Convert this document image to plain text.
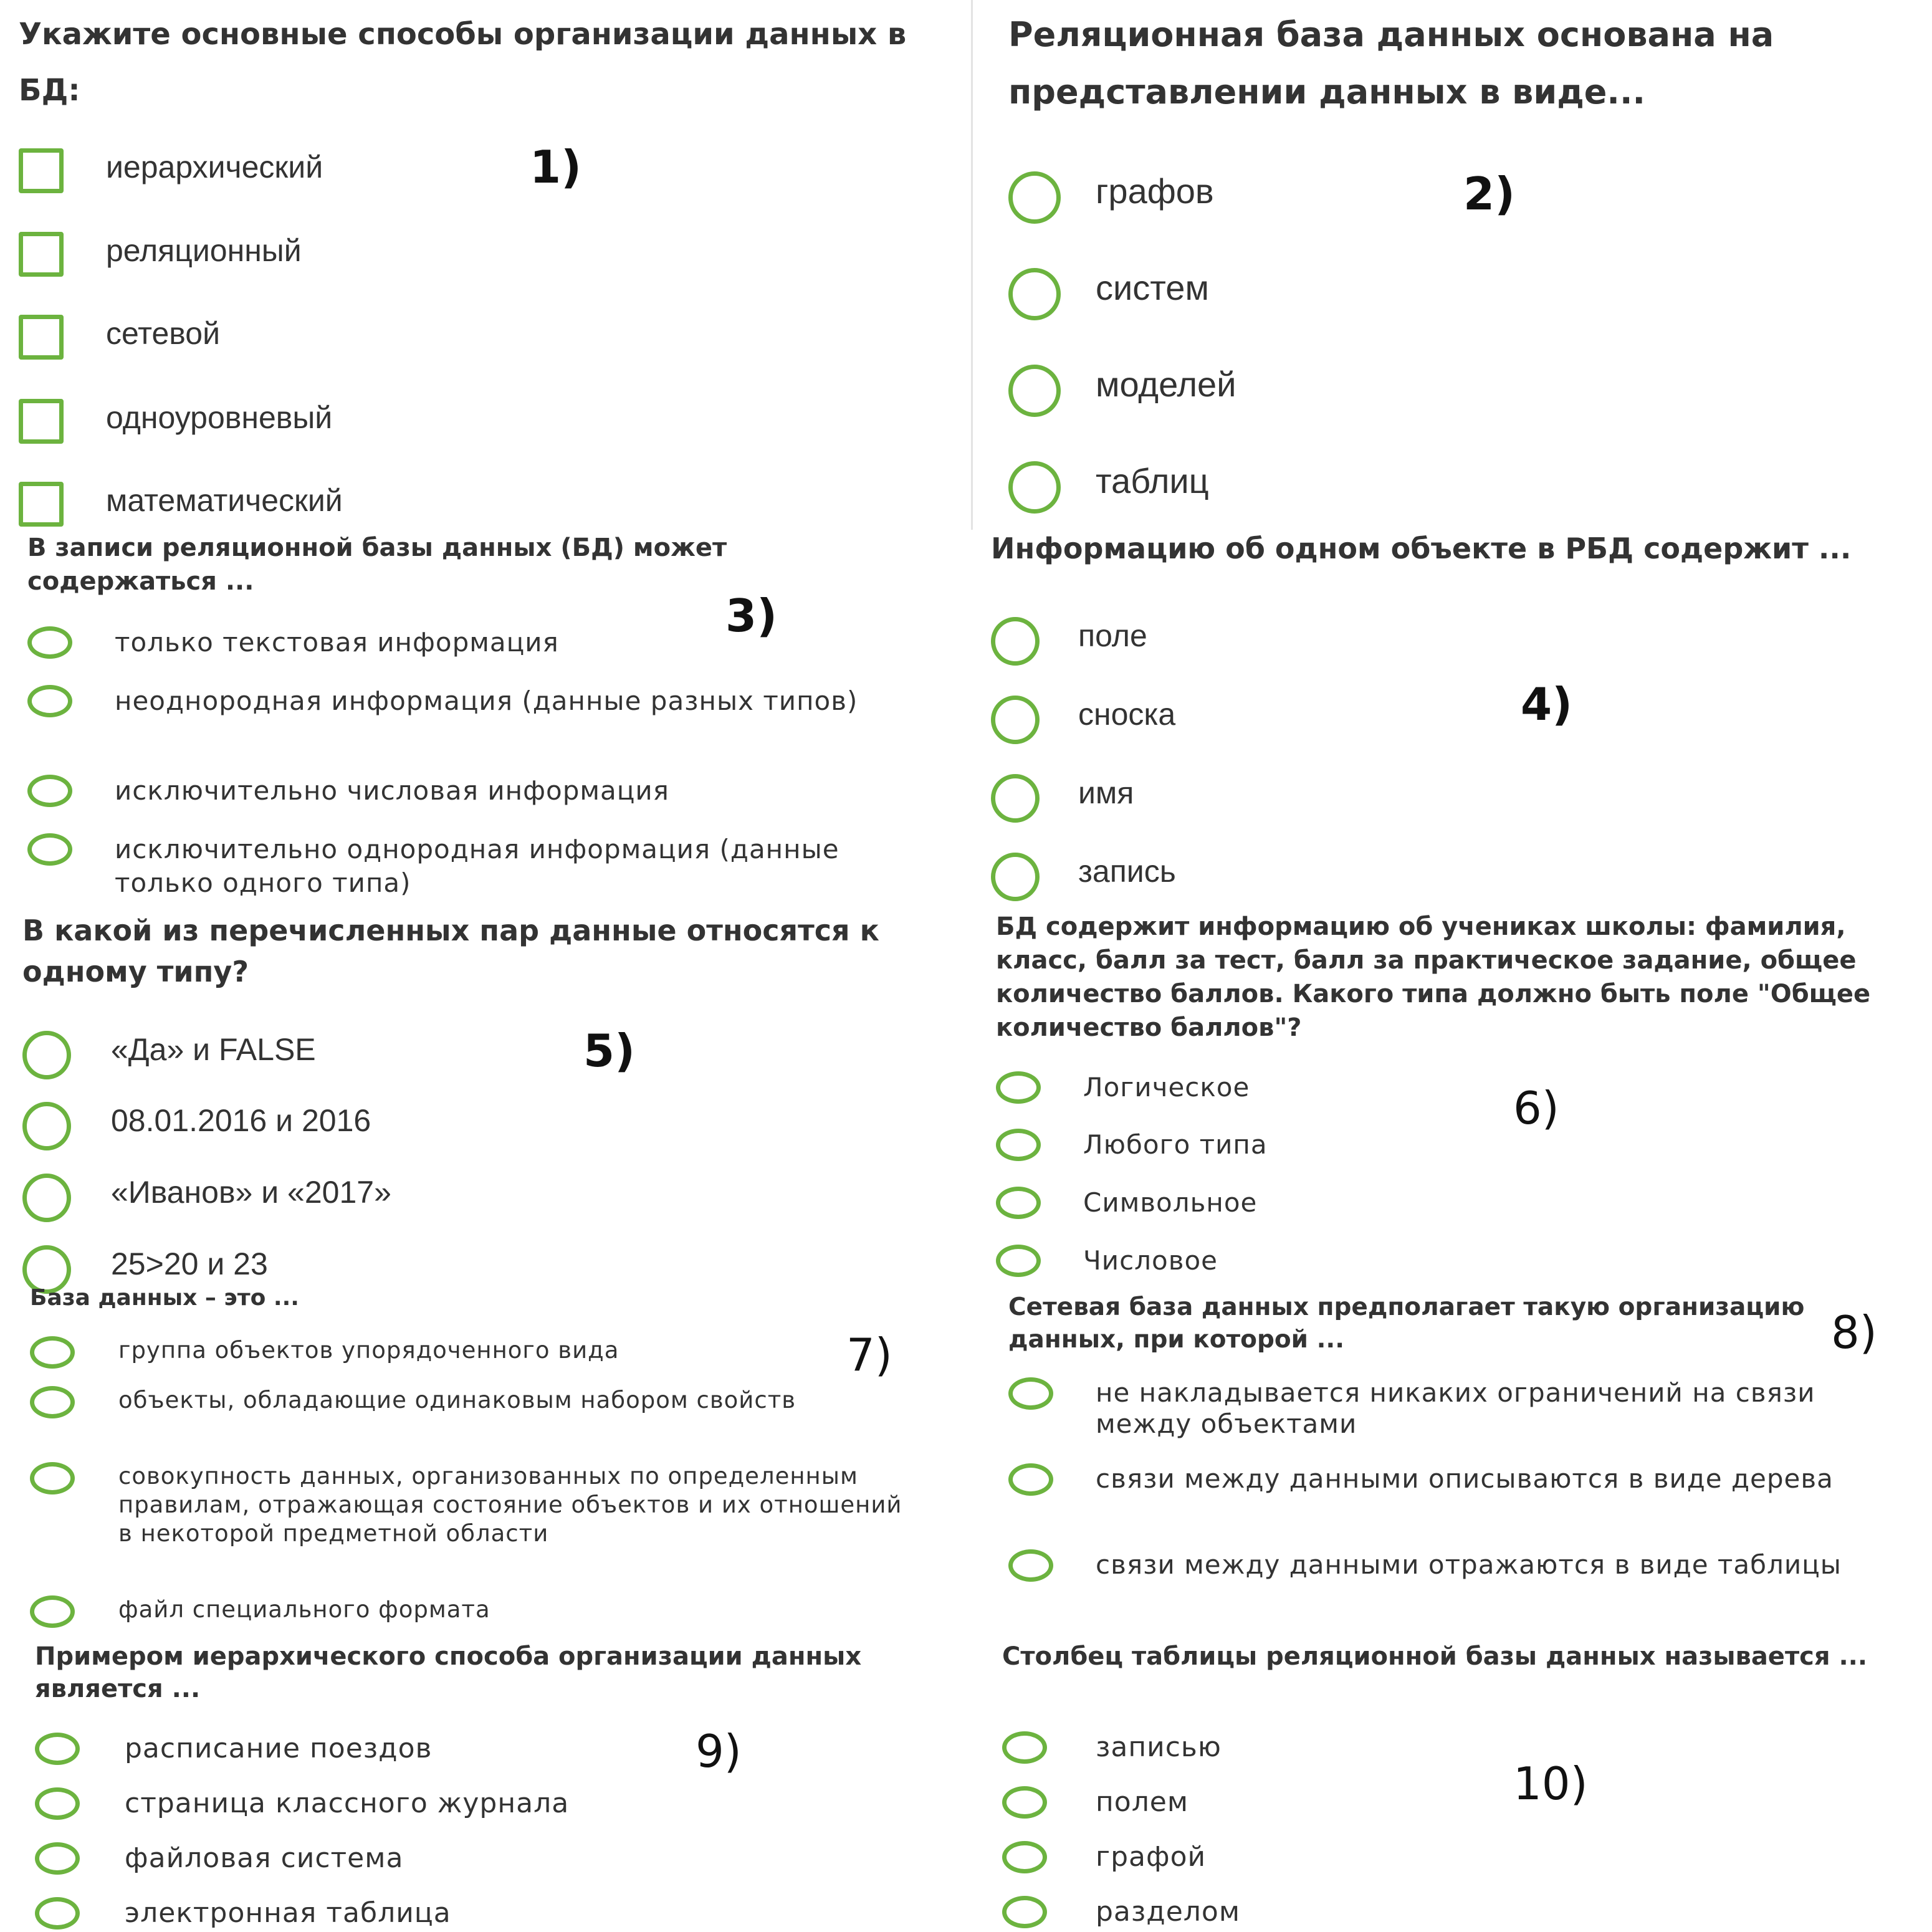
Укажите основные способы организации данных в БД:
иерархический
реляционный
сетевой
одноуровневый
математический
1)
Реляционная база данных основана на представлении данных в виде...
графов
систем
моделей
таблиц
2)
В записи реляционной базы данных (БД) может содержаться ...
только текстовая информация
неоднородная информация (данные разных типов)
исключительно числовая информация
исключительно однородная информация (данные только одного типа)
3)
Информацию об одном объекте в РБД содержит ...
поле
сноска
имя
запись
4)
В какой из перечисленных пар данные относятся к одному типу?
«Да» и FALSE
08.01.2016 и 2016
«Иванов» и «2017»
25>20 и 23
5)
БД содержит информацию об учениках школы: фамилия, класс, балл за тест, балл за практическое задание, общее количество баллов. Какого типа должно быть поле "Общее количество баллов"?
Логическое
Любого типа
Символьное
Числовое
6)
База данных – это ...
группа объектов упорядоченного вида
объекты, обладающие одинаковым набором свойств
совокупность данных, организованных по определенным правилам, отражающая состояние объектов и их отношений в некоторой предметной области
файл специального формата
7)
Сетевая база данных предполагает такую организацию данных, при которой ...
не накладывается никаких ограничений на связи между объектами
связи между данными описываются в виде дерева
связи между данными отражаются в виде таблицы
8)
Примером иерархического способа организации данных является ...
расписание поездов
страница классного журнала
файловая система
электронная таблица
9)
Столбец таблицы реляционной базы данных называется ...
записью
полем
графой
разделом
10)
